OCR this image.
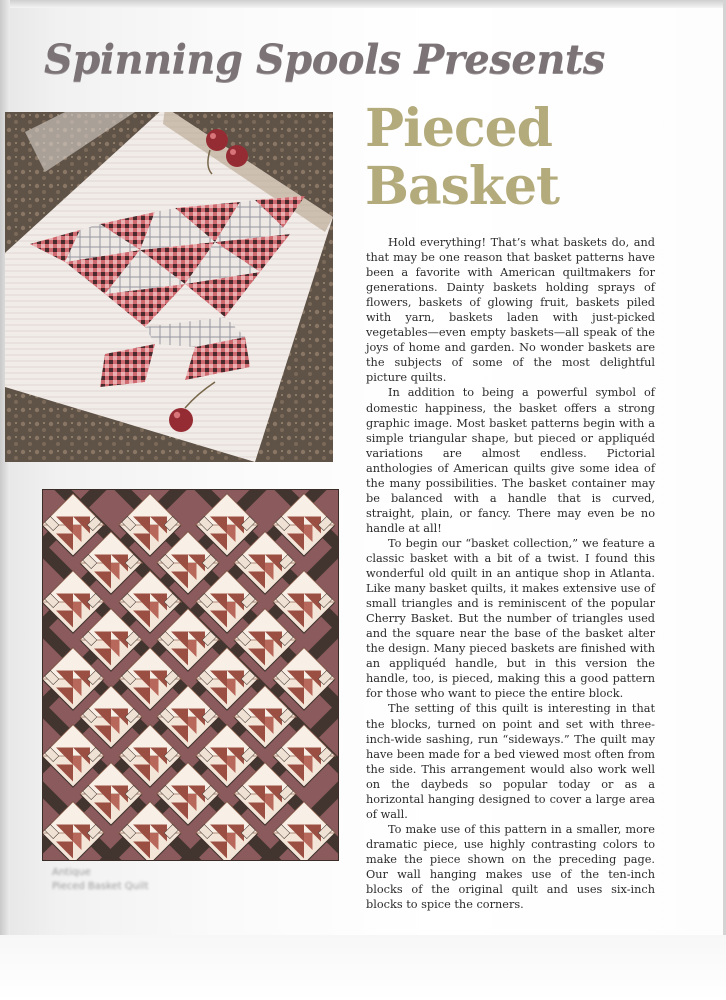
Spinning Spools Presents
Pieced
Basket
Antique
Pieced Basket Quilt

Hold everything! That’s what baskets do, and that may be one reason that basket patterns have been a favorite with American quiltmakers for generations. Dainty baskets holding sprays of flowers, baskets of glowing fruit, baskets piled with yarn, baskets laden with just-picked vegetables—even empty baskets—all speak of the joys of home and garden. No wonder baskets are the subjects of some of the most delightful picture quilts.

In addition to being a powerful symbol of domestic happiness, the basket offers a strong graphic image. Most basket patterns begin with a simple triangular shape, but pieced or appliquéd variations are almost endless. Pictorial anthologies of American quilts give some idea of the many possibilities. The basket container may be balanced with a handle that is curved, straight, plain, or fancy. There may even be no handle at all!

To begin our “basket collection,” we feature a classic basket with a bit of a twist. I found this wonderful old quilt in an antique shop in Atlanta. Like many basket quilts, it makes extensive use of small triangles and is reminiscent of the popular Cherry Basket. But the number of triangles used and the square near the base of the basket alter the design. Many pieced baskets are finished with an appliquéd handle, but in this version the handle, too, is pieced, making this a good pattern for those who want to piece the entire block.

The setting of this quilt is interesting in that the blocks, turned on point and set with three-inch-wide sashing, run “sideways.” The quilt may have been made for a bed viewed most often from the side. This arrangement would also work well on the daybeds so popular today or as a horizontal hanging designed to cover a large area of wall.

To make use of this pattern in a smaller, more dramatic piece, use highly contrasting colors to make the piece shown on the preceding page. Our wall hanging makes use of the ten-inch blocks of the original quilt and uses six-inch blocks to spice the corners.
